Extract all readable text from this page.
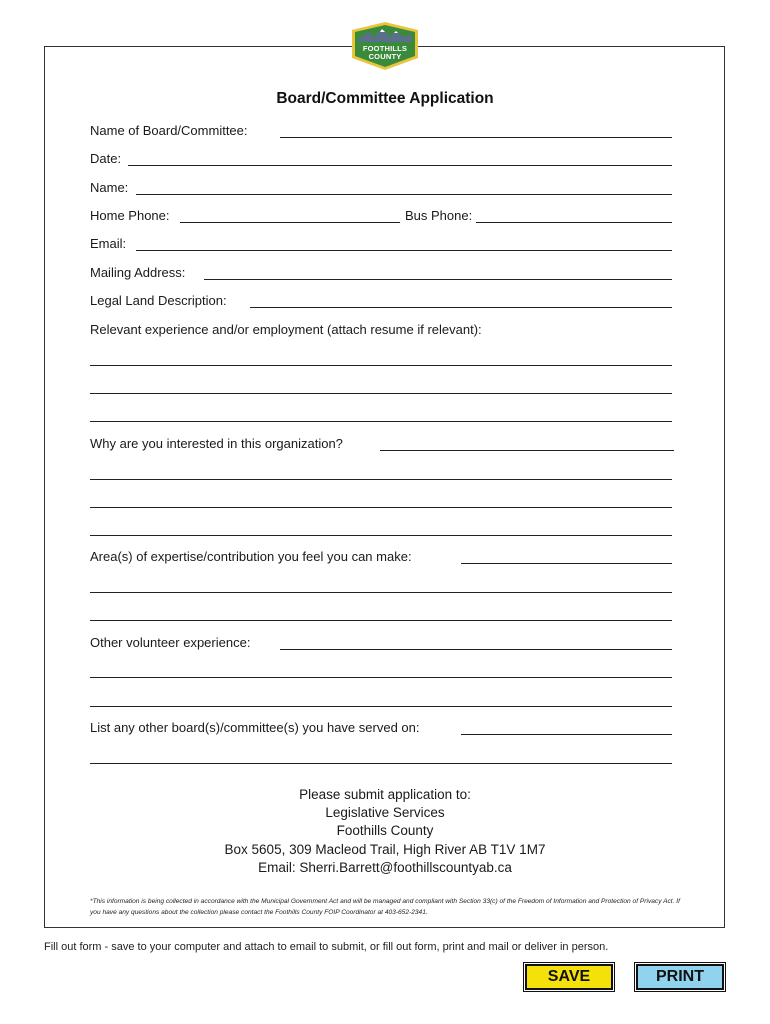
FOOTHILLS
COUNTY
Board/Committee Application
Name of Board/Committee:
Date:
Name:
Home Phone:	Bus Phone:
Email:
Mailing Address:
Legal Land Description:
Relevant experience and/or employment (attach resume if relevant):
Why are you interested in this organization?
Area(s) of expertise/contribution you feel you can make:
Other volunteer experience:
List any other board(s)/committee(s) you have served on:
Please submit application to:
Legislative Services
Foothills County
Box 5605, 309 Macleod Trail, High River AB T1V 1M7
Email: Sherri.Barrett@foothillscountyab.ca
*This information is being collected in accordance with the Municipal Government Act and will be managed and compliant with Section 33(c) of the Freedom of Information and Protection of Privacy Act. If you have any questions about the collection please contact the Foothills County FOIP Coordinator at 403-652-2341.
Fill out form - save to your computer and attach to email to submit, or fill out form, print and mail or deliver in person.
SAVE	PRINT
